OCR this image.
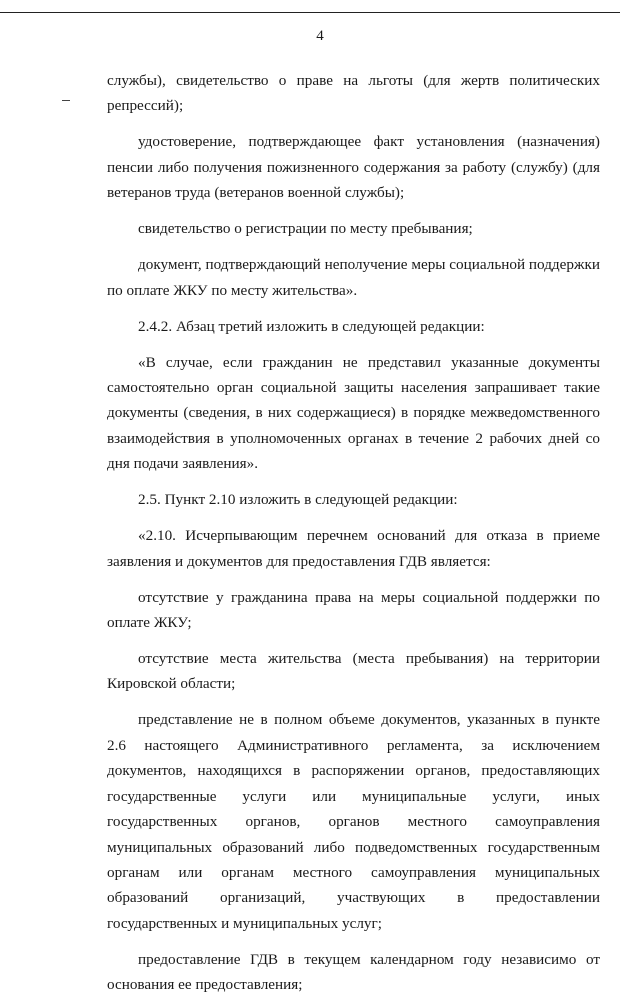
4

службы), свидетельство о праве на льготы (для жертв политических репрессий);

удостоверение, подтверждающее факт установления (назначения) пенсии либо получения пожизненного содержания за работу (службу) (для ветеранов труда (ветеранов военной службы);

свидетельство о регистрации по месту пребывания;

документ, подтверждающий неполучение меры социальной поддержки по оплате ЖКУ по месту жительства».

2.4.2. Абзац третий изложить в следующей редакции:

«В случае, если гражданин не представил указанные документы самостоятельно орган социальной защиты населения запрашивает такие документы (сведения, в них содержащиеся) в порядке межведомственного взаимодействия в уполномоченных органах в течение 2 рабочих дней со дня подачи заявления».

2.5. Пункт 2.10 изложить в следующей редакции:

«2.10. Исчерпывающим перечнем оснований для отказа в приеме заявления и документов для предоставления ГДВ является:

отсутствие у гражданина права на меры социальной поддержки по оплате ЖКУ;

отсутствие места жительства (места пребывания) на территории Кировской области;

представление не в полном объеме документов, указанных в пункте 2.6 настоящего Административного регламента, за исключением документов, находящихся в распоряжении органов, предоставляющих государственные услуги или муниципальные услуги, иных государственных органов, органов местного самоуправления муниципальных образований либо подведомственных государственным органам или органам местного самоуправления муниципальных образований организаций, участвующих в предоставлении государственных и муниципальных услуг;

предоставление ГДВ в текущем календарном году независимо от основания ее предоставления;
